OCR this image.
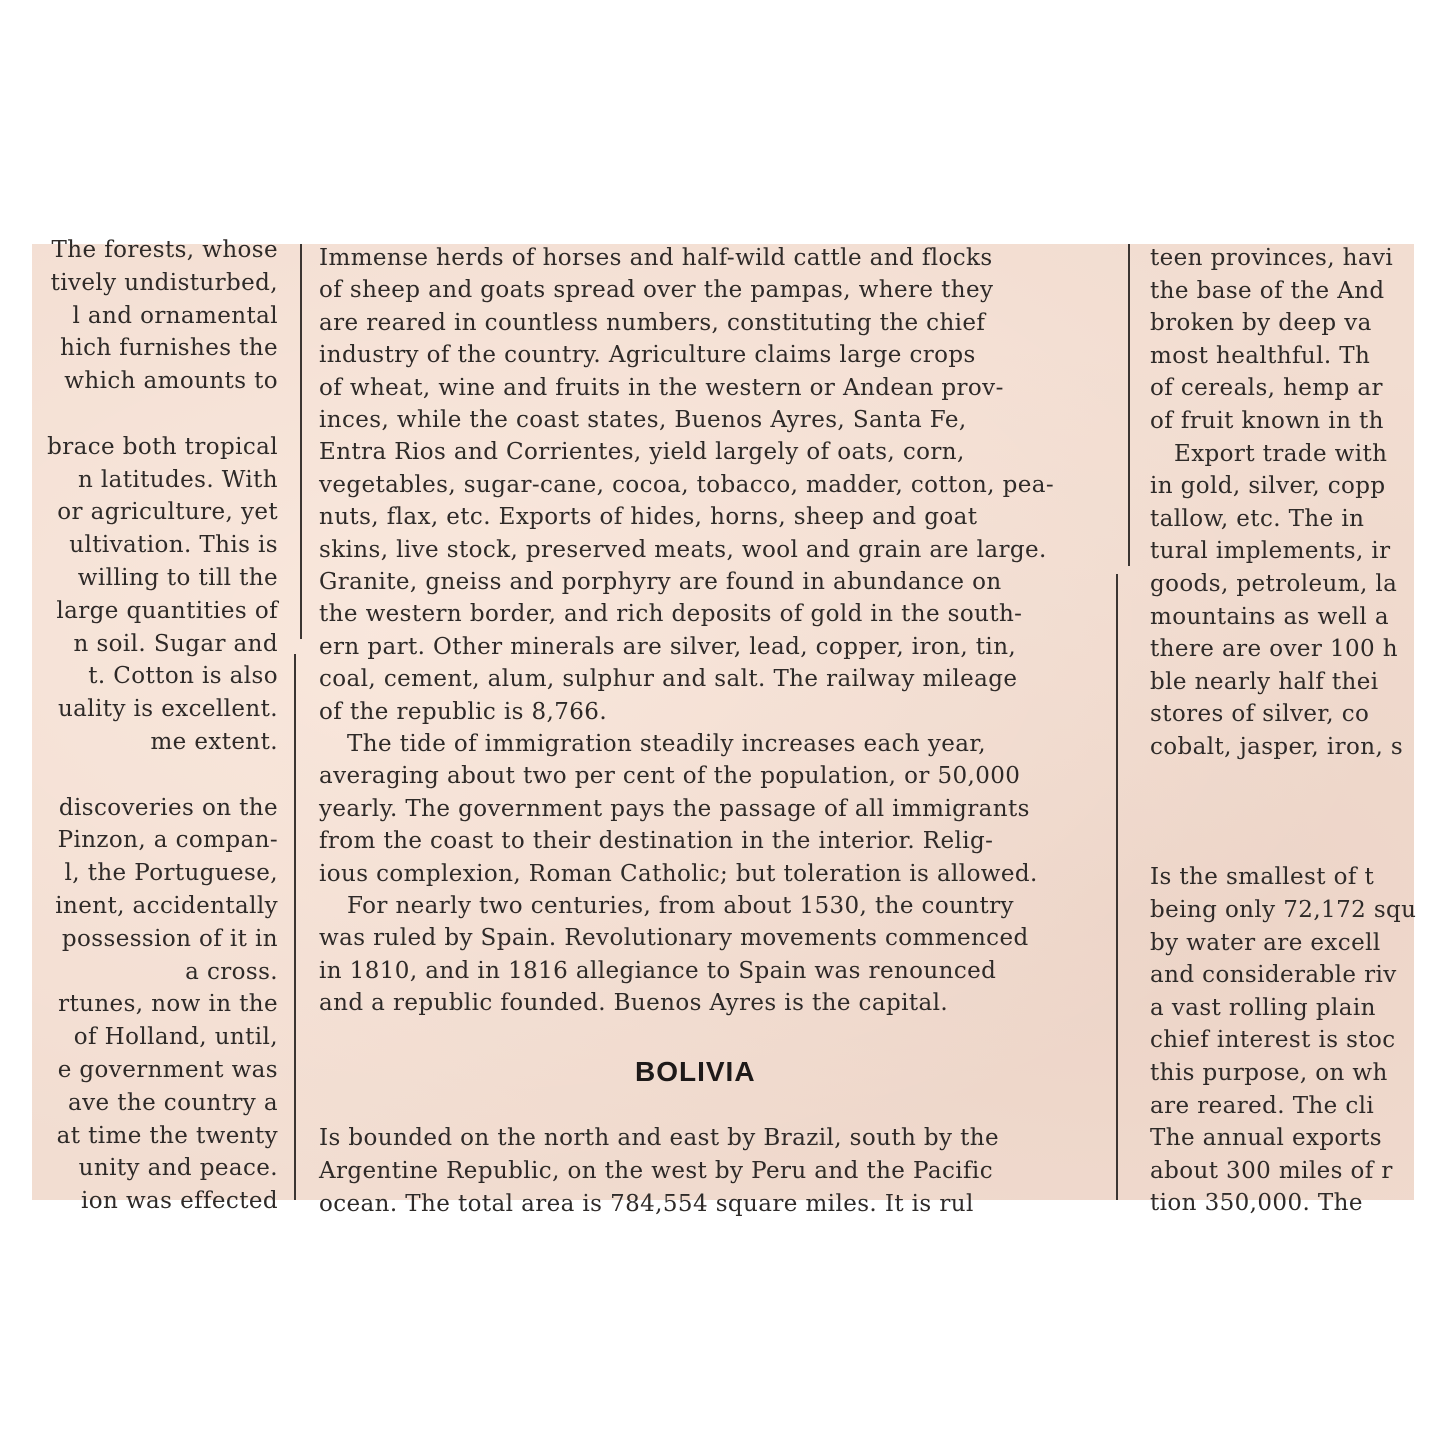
The forests, whose
tively undisturbed,
l and ornamental
hich furnishes the
which amounts to
brace both tropical
n latitudes. With
or agriculture, yet
ultivation. This is
willing to till the
large quantities of
n soil. Sugar and
t. Cotton is also
uality is excellent.
me extent.
discoveries on the
Pinzon, a compan-
l, the Portuguese,
inent, accidentally
possession of it in
a cross.
rtunes, now in the
of Holland, until,
e government was
ave the country a
at time the twenty
unity and peace.
ion was effected
Immense herds of horses and half-wild cattle and flocks
of sheep and goats spread over the pampas, where they
are reared in countless numbers, constituting the chief
industry of the country. Agriculture claims large crops
of wheat, wine and fruits in the western or Andean prov-
inces, while the coast states, Buenos Ayres, Santa Fe,
Entra Rios and Corrientes, yield largely of oats, corn,
vegetables, sugar-cane, cocoa, tobacco, madder, cotton, pea-
nuts, flax, etc. Exports of hides, horns, sheep and goat
skins, live stock, preserved meats, wool and grain are large.
Granite, gneiss and porphyry are found in abundance on
the western border, and rich deposits of gold in the south-
ern part. Other minerals are silver, lead, copper, iron, tin,
coal, cement, alum, sulphur and salt. The railway mileage
of the republic is 8,766.
The tide of immigration steadily increases each year,
averaging about two per cent of the population, or 50,000
yearly. The government pays the passage of all immigrants
from the coast to their destination in the interior. Relig-
ious complexion, Roman Catholic; but toleration is allowed.
For nearly two centuries, from about 1530, the country
was ruled by Spain. Revolutionary movements commenced
in 1810, and in 1816 allegiance to Spain was renounced
and a republic founded. Buenos Ayres is the capital.
BOLIVIA
Is bounded on the north and east by Brazil, south by the
Argentine Republic, on the west by Peru and the Pacific
ocean. The total area is 784,554 square miles. It is rul
teen provinces, havi
the base of the And
broken by deep va
most healthful. Th
of cereals, hemp ar
of fruit known in th
Export trade with
in gold, silver, copp
tallow, etc. The in
tural implements, ir
goods, petroleum, la
mountains as well a
there are over 100 h
ble nearly half thei
stores of silver, co
cobalt, jasper, iron, s
Is the smallest of t
being only 72,172 squ
by water are excell
and considerable riv
a vast rolling plain
chief interest is stoc
this purpose, on wh
are reared. The cli
The annual exports
about 300 miles of r
tion 350,000. The
